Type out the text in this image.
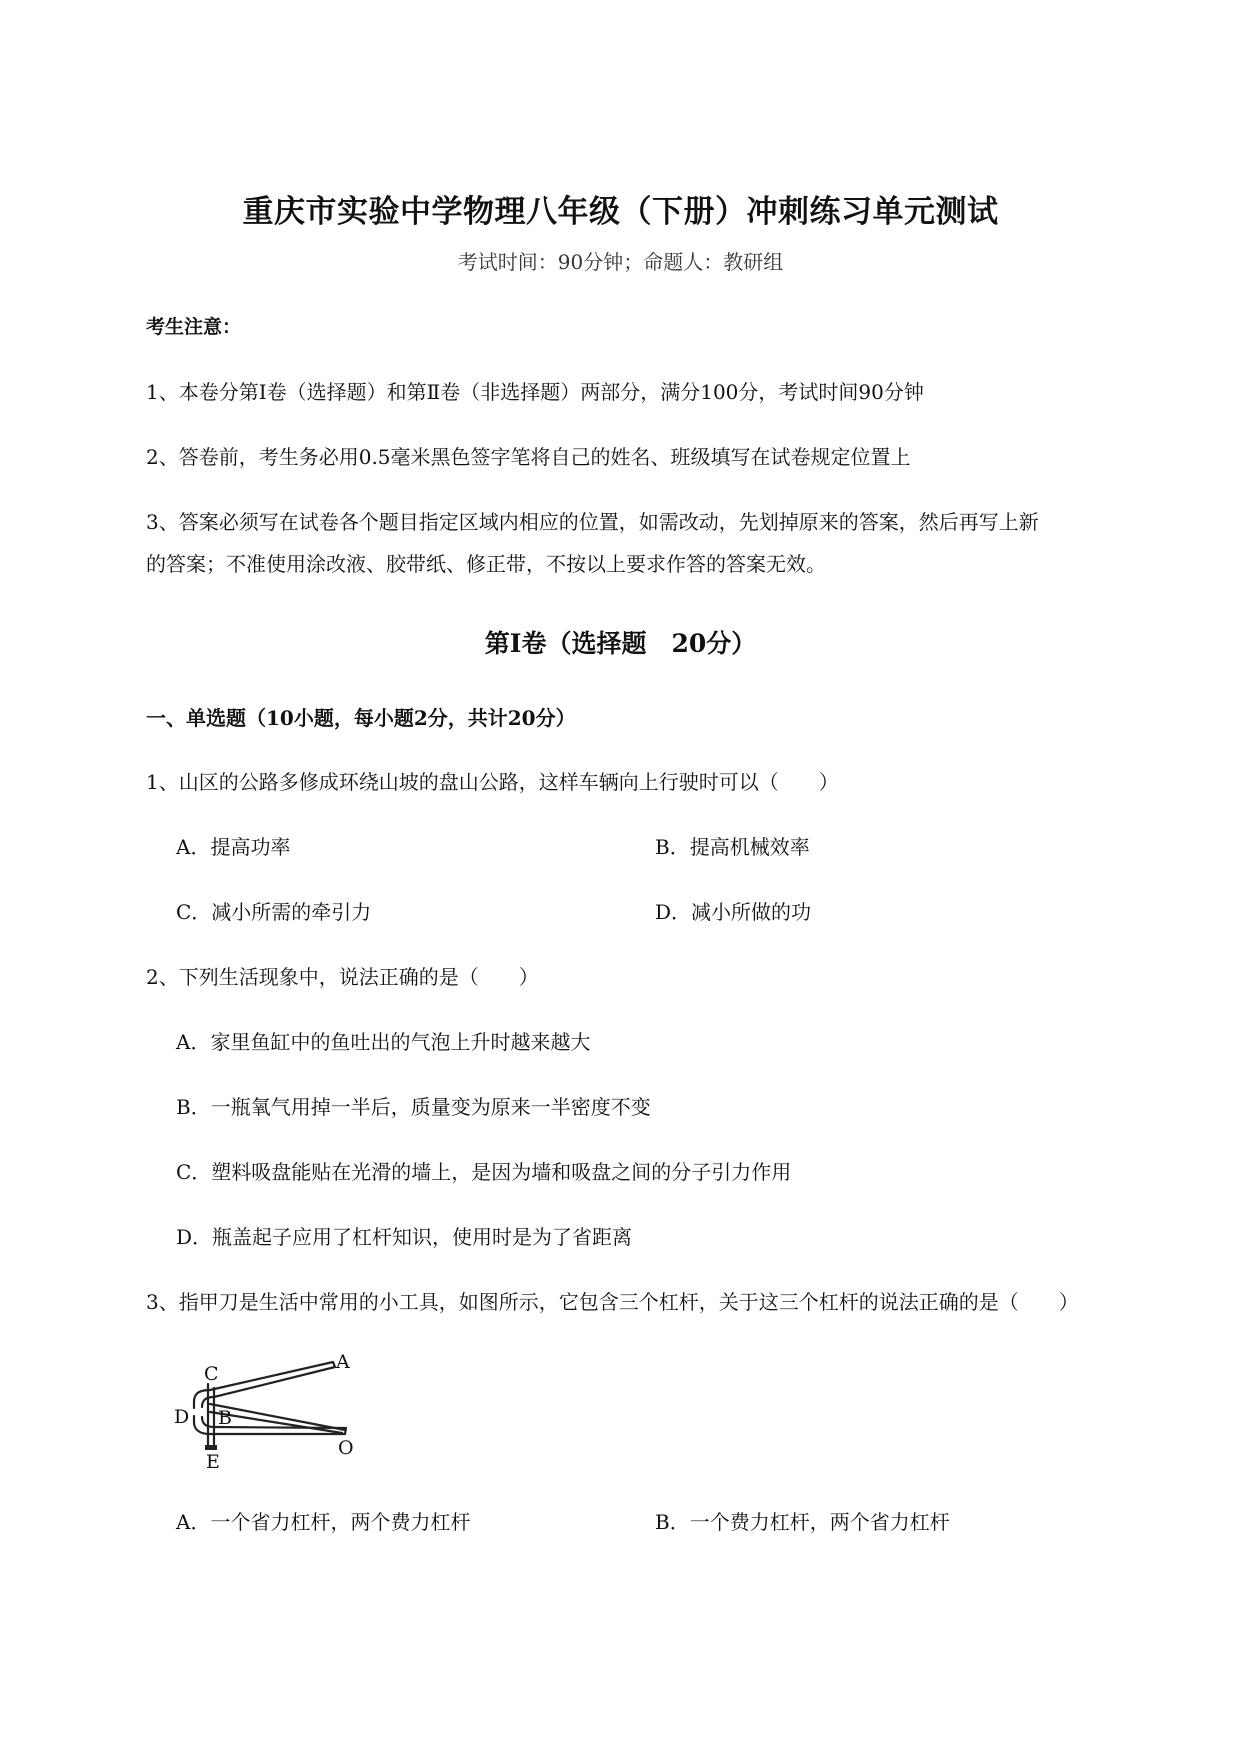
重庆市实验中学物理八年级（下册）冲刺练习单元测试
考试时间：90分钟；命题人：教研组
考生注意：
1、本卷分第I卷（选择题）和第Ⅱ卷（非选择题）两部分，满分100分，考试时间90分钟
2、答卷前，考生务必用0.5毫米黑色签字笔将自己的姓名、班级填写在试卷规定位置上
3、答案必须写在试卷各个题目指定区域内相应的位置，如需改动，先划掉原来的答案，然后再写上新
的答案；不准使用涂改液、胶带纸、修正带，不按以上要求作答的答案无效。
第I卷（选择题　20分）
一、单选题（10小题，每小题2分，共计20分）
1、山区的公路多修成环绕山坡的盘山公路，这样车辆向上行驶时可以（　　）
A．提高功率	B．提高机械效率
C．减小所需的牵引力	D．减小所做的功
2、下列生活现象中，说法正确的是（　　）
A．家里鱼缸中的鱼吐出的气泡上升时越来越大
B．一瓶氧气用掉一半后，质量变为原来一半密度不变
C．塑料吸盘能贴在光滑的墙上，是因为墙和吸盘之间的分子引力作用
D．瓶盖起子应用了杠杆知识，使用时是为了省距离
3、指甲刀是生活中常用的小工具，如图所示，它包含三个杠杆，关于这三个杠杆的说法正确的是（　　）
C
A
D B
E
O
A．一个省力杠杆，两个费力杠杆	B．一个费力杠杆，两个省力杠杆
